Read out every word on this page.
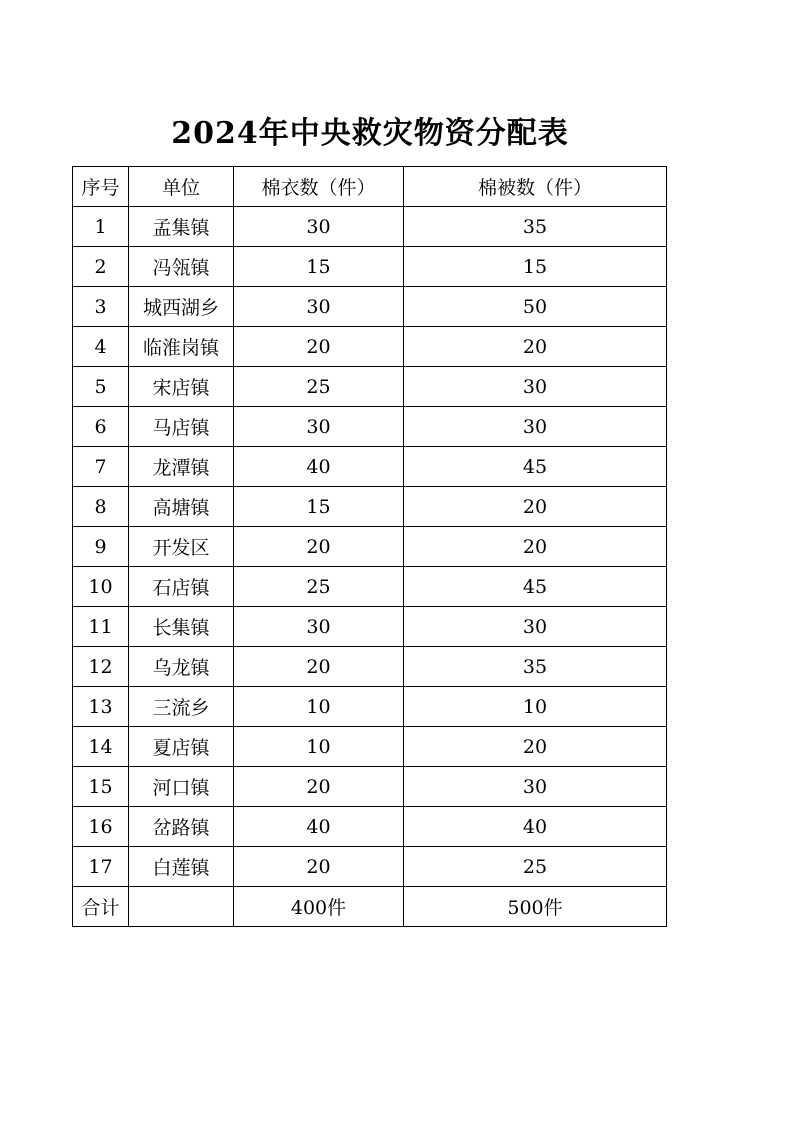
2024年中央救灾物资分配表
序号	单位	棉衣数（件）	棉被数（件）
1	孟集镇	30	35
2	冯瓴镇	15	15
3	城西湖乡	30	50
4	临淮岗镇	20	20
5	宋店镇	25	30
6	马店镇	30	30
7	龙潭镇	40	45
8	高塘镇	15	20
9	开发区	20	20
10	石店镇	25	45
11	长集镇	30	30
12	乌龙镇	20	35
13	三流乡	10	10
14	夏店镇	10	20
15	河口镇	20	30
16	岔路镇	40	40
17	白莲镇	20	25
合计		400件	500件
